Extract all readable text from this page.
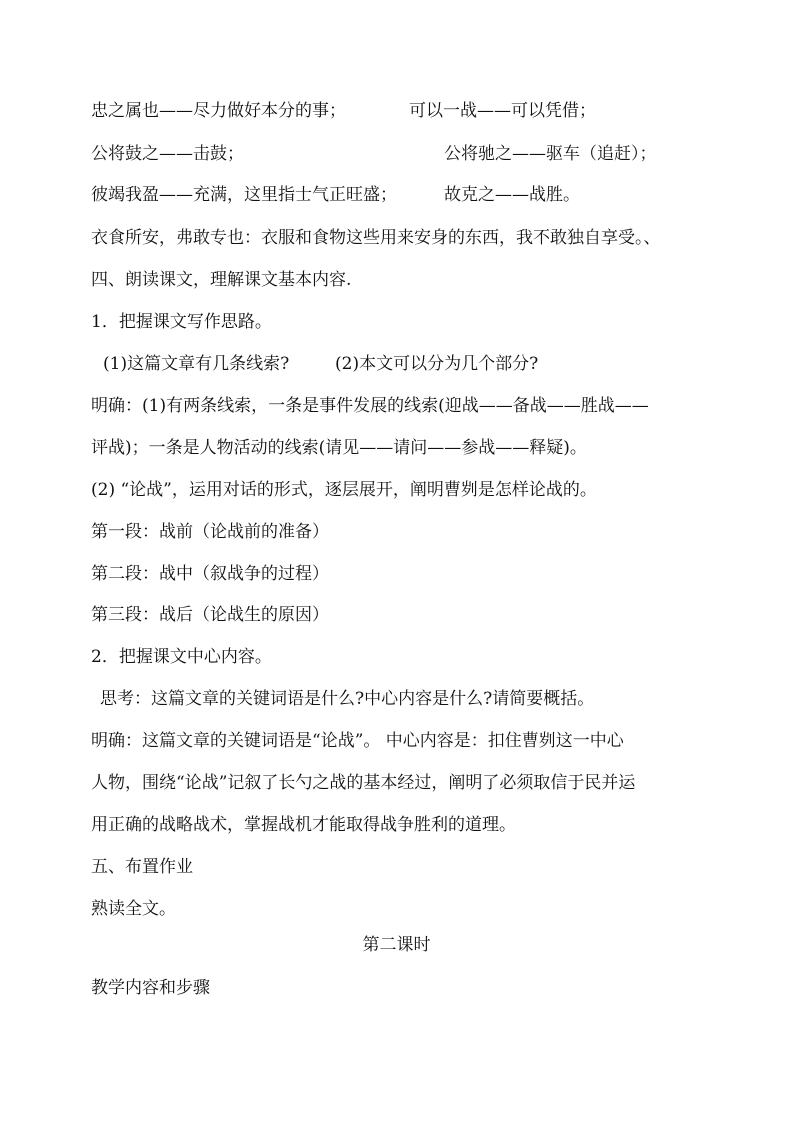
忠之属也——尽力做好本分的事；	可以一战——可以凭借；
公将鼓之——击鼓；	公将驰之——驱车（追赶）；
彼竭我盈——充满，这里指士气正旺盛；	故克之——战胜。
衣食所安，弗敢专也：衣服和食物这些用来安身的东西，我不敢独自享受。、
四、朗读课文，理解课文基本内容.
1．把握课文写作思路。
(1)这篇文章有几条线索?	(2)本文可以分为几个部分?
明确：(1)有两条线索，一条是事件发展的线索(迎战——备战——胜战——
评战)；一条是人物活动的线索(请见——请问——参战——释疑)。
(2) “论战”，运用对话的形式，逐层展开，阐明曹刿是怎样论战的。
第一段：战前（论战前的准备）
第二段：战中（叙战争的过程）
第三段：战后（论战生的原因）
2．把握课文中心内容。
思考：这篇文章的关键词语是什么?中心内容是什么?请简要概括。
明确：这篇文章的关键词语是“论战”。 中心内容是：扣住曹刿这一中心
人物，围绕“论战”记叙了长勺之战的基本经过，阐明了必须取信于民并运
用正确的战略战术，掌握战机才能取得战争胜利的道理。
五、布置作业
熟读全文。
第二课时
教学内容和步骤
